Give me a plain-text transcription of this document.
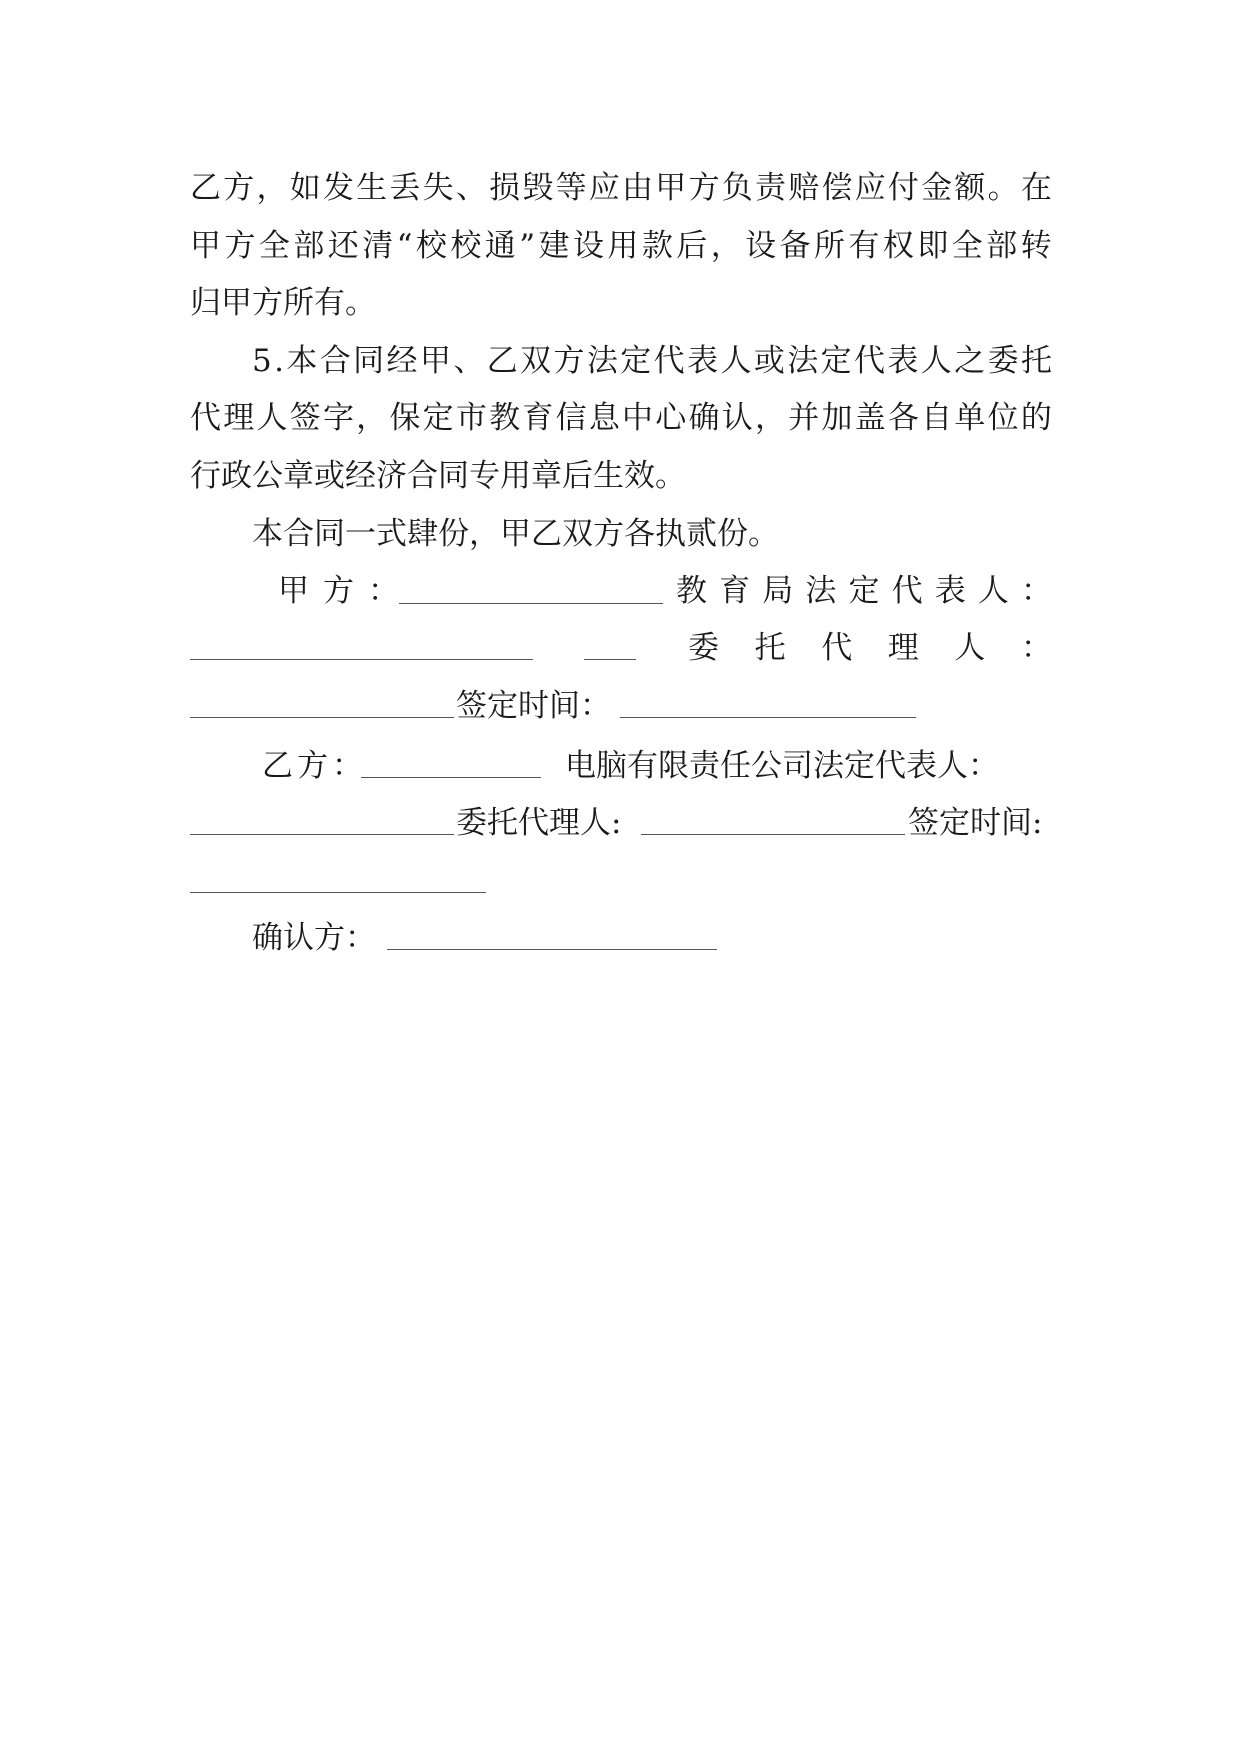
乙 方 ， 如 发 生 丢 失 、 损 毁 等 应 由 甲 方 负 责 赔 偿 应 付 金 额 。 在
甲 方 全 部 还 清 “ 校 校 通 ” 建 设 用 款 后 ， 设 备 所 有 权 即 全 部 转
归甲方所有。
5 . 本 合 同 经 甲 、 乙 双 方 法 定 代 表 人 或 法 定 代 表 人 之 委 托
代 理 人 签 字 ， 保 定 市 教 育 信 息 中 心 确 认 ， 并 加 盖 各 自 单 位 的
行政公章或经济合同专用章后生效。
本合同一式肆份，甲乙双方各执贰份。
甲方：	教 育 局 法 定 代 表 人 ：
委 托 代 理 人 ：
签定时间：
乙方：	电脑有限责任公司法定代表人：
委托代理人:	签定时间:
确认方：
